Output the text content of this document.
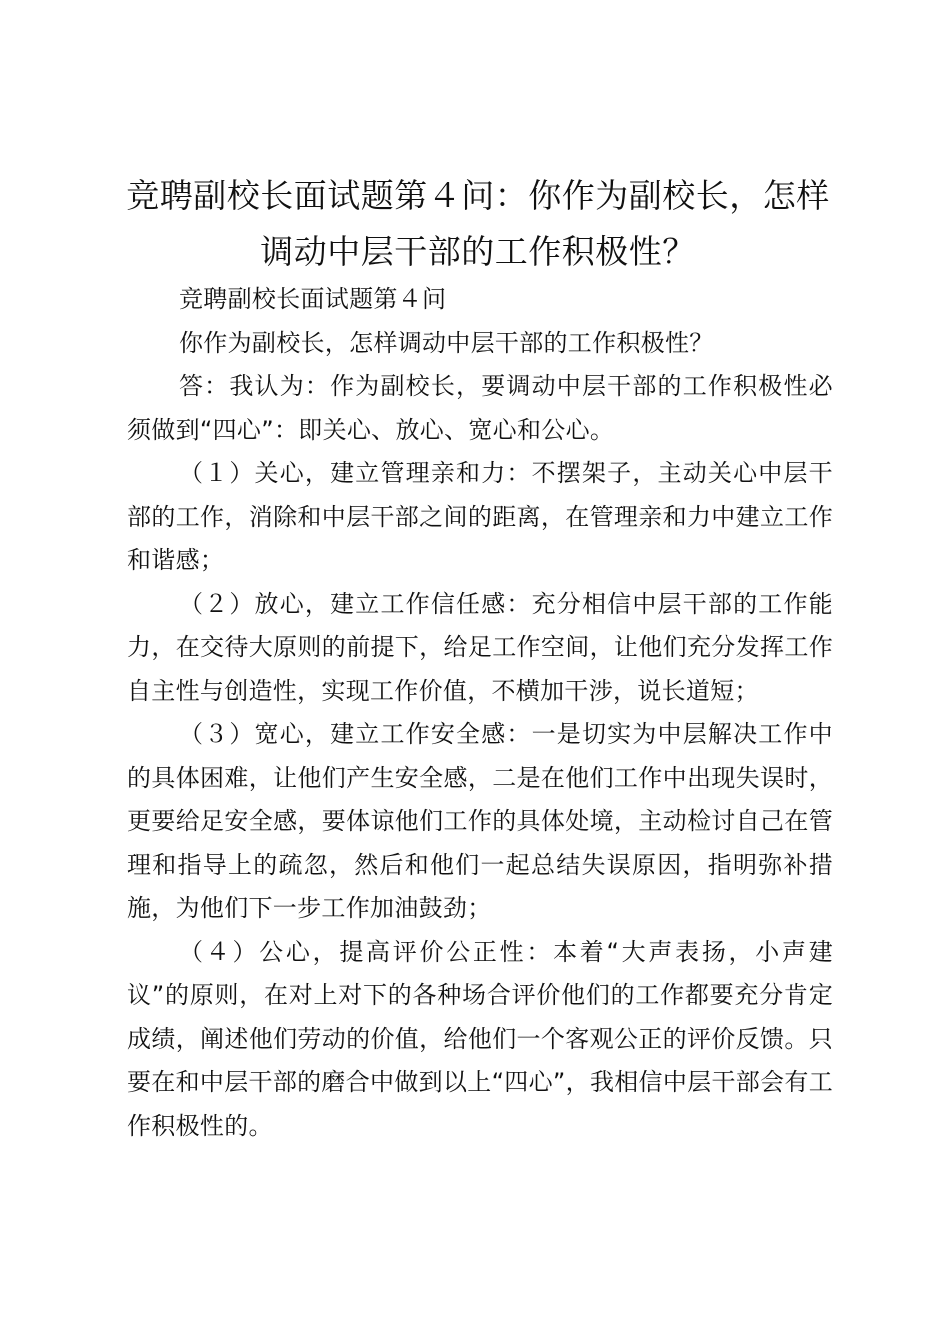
竞聘副校长面试题第４问：你作为副校长，怎样调动中层干部的工作积极性？

竞聘副校长面试题第４问

你作为副校长，怎样调动中层干部的工作积极性？

答：我认为：作为副校长，要调动中层干部的工作积极性必须做到“四心”：即关心、放心、宽心和公心。

（１）关心，建立管理亲和力：不摆架子，主动关心中层干部的工作，消除和中层干部之间的距离，在管理亲和力中建立工作和谐感；

（２）放心，建立工作信任感：充分相信中层干部的工作能力，在交待大原则的前提下，给足工作空间，让他们充分发挥工作自主性与创造性，实现工作价值，不横加干涉，说长道短；

（３）宽心，建立工作安全感：一是切实为中层解决工作中的具体困难，让他们产生安全感，二是在他们工作中出现失误时，更要给足安全感，要体谅他们工作的具体处境，主动检讨自己在管理和指导上的疏忽，然后和他们一起总结失误原因，指明弥补措施，为他们下一步工作加油鼓劲；

（４）公心，提高评价公正性：本着“大声表扬，小声建议”的原则，在对上对下的各种场合评价他们的工作都要充分肯定成绩，阐述他们劳动的价值，给他们一个客观公正的评价反馈。只要在和中层干部的磨合中做到以上“四心”，我相信中层干部会有工作积极性的。
